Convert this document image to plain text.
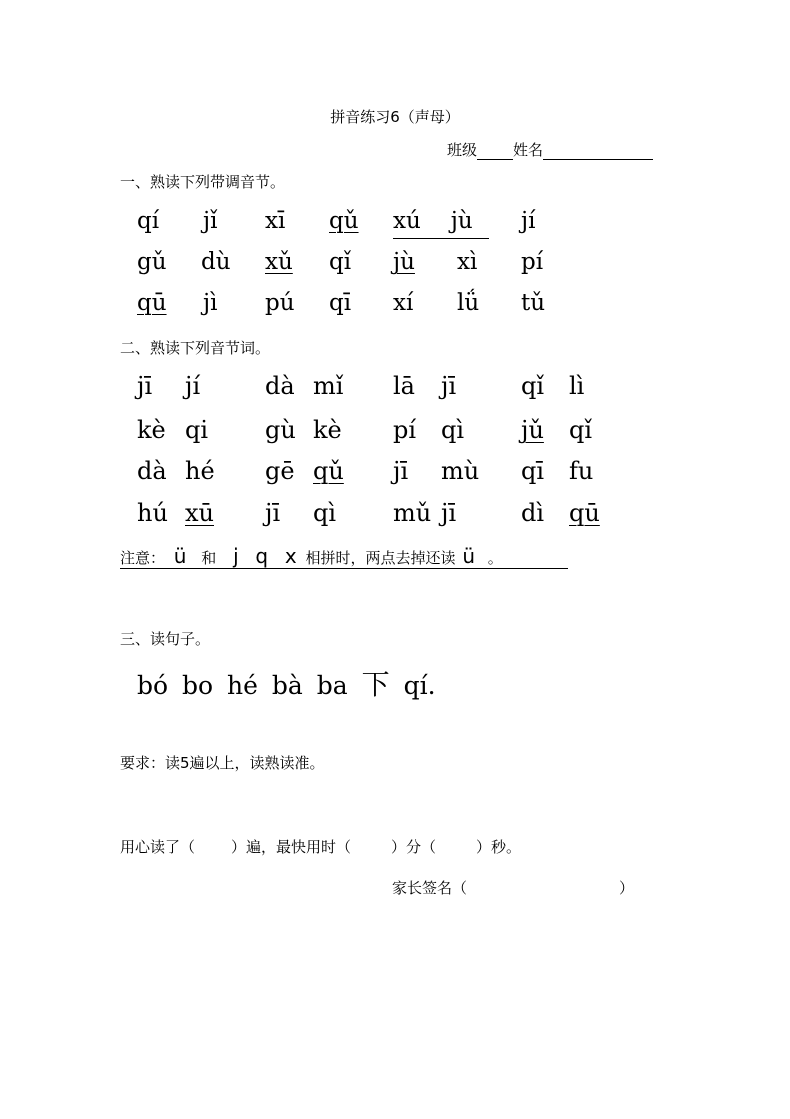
拼音练习6（声母）
班级 姓名
一、熟读下列带调音节。
qí jǐ xī qǔ xú jù	jí
gǔ dù xǔ qǐ jù xì pí
qū jì pú qī xí lǘ tǔ
二、熟读下列音节词。
jī jí	dà mǐ lā jī	qǐ lì
kè qi gù kè pí qì jǔ qǐ
dà hé gē qǔ jī mù qī fu
hú xū jī qì mǔ jī	dì qū
注意： ü 和 j q x 相拼时，两点去掉还读 ü 。
三、读句子。
bó bo hé bà ba 下 qí.
要求：读5遍以上，读熟读准。
用心读了（ ）遍，最快用时（	）分（	）秒。
家长签名（	）
